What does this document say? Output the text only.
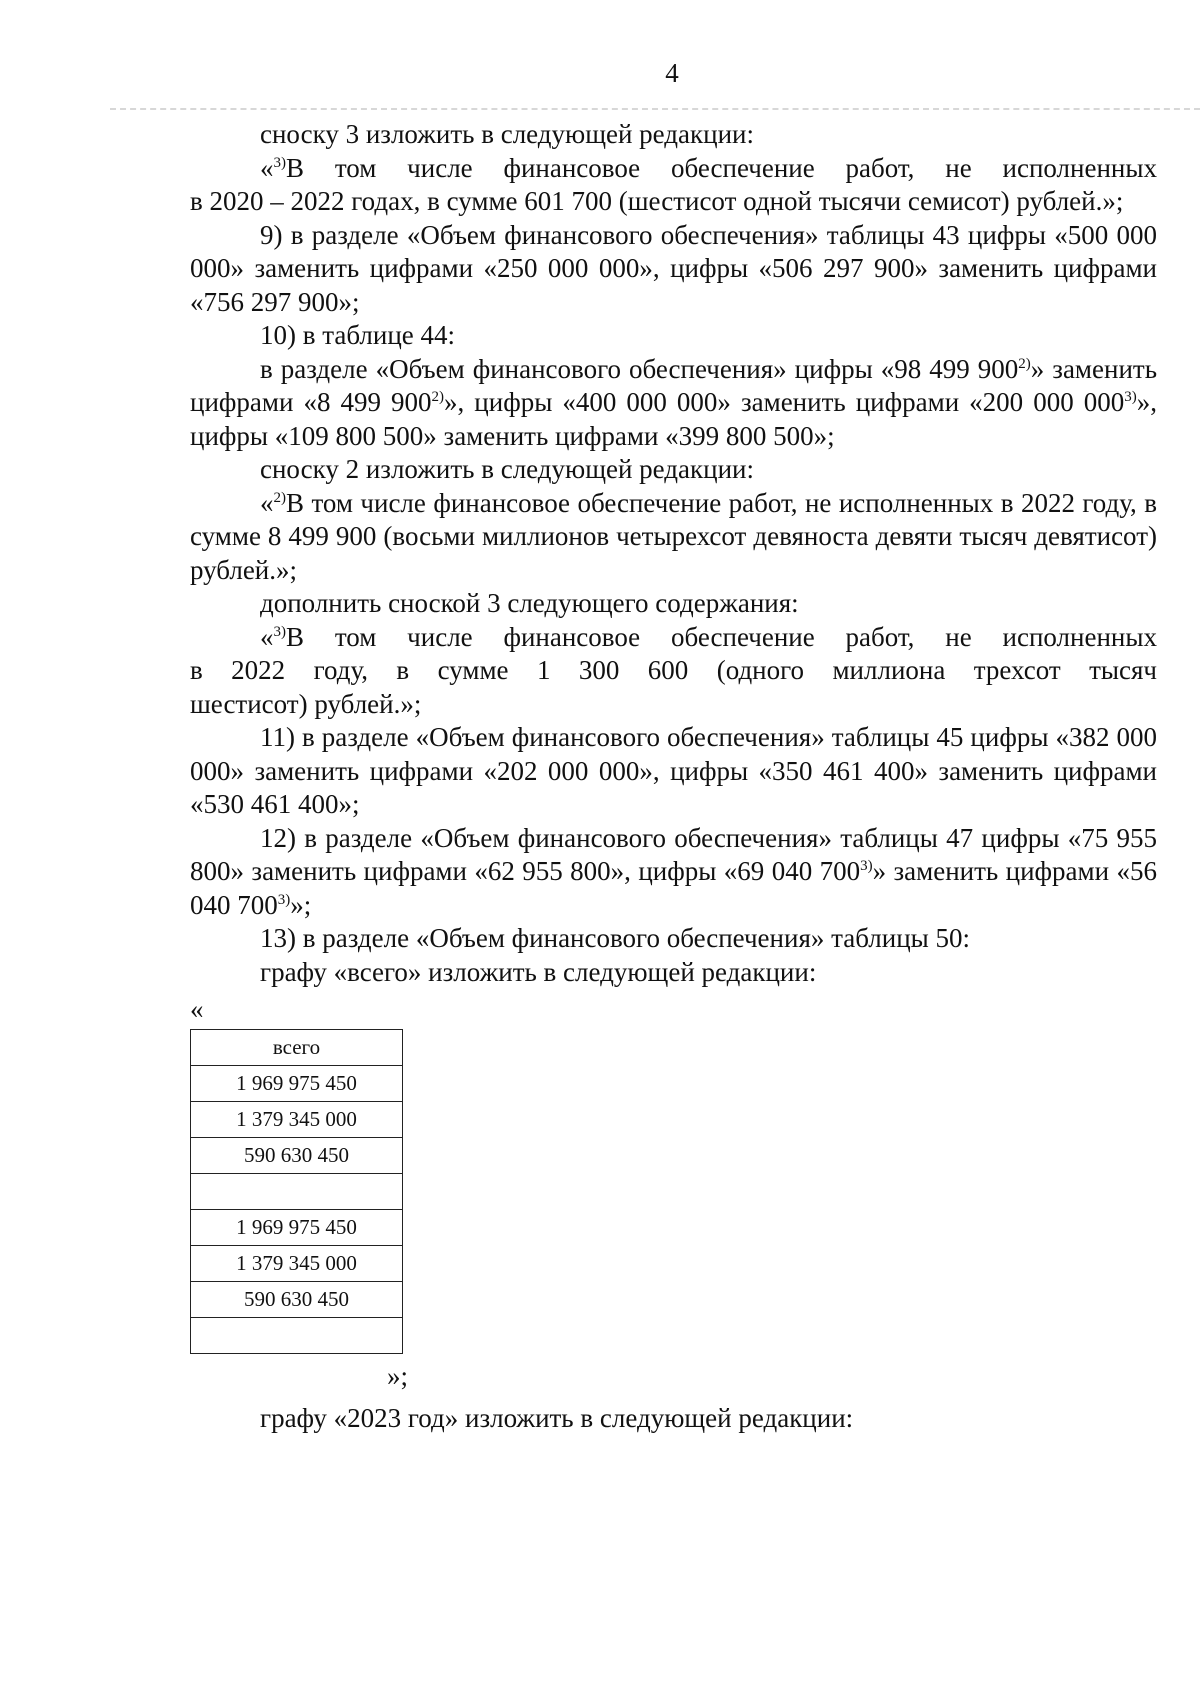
4

сноску 3 изложить в следующей редакции:

«$^{3)}$В том числе финансовое обеспечение работ, не исполненных
в 2020 – 2022 годах, в сумме 601 700 (шестисот одной тысячи семисот) рублей.»;

9) в разделе «Объем финансового обеспечения» таблицы 43 цифры «500 000 000» заменить цифрами «250 000 000», цифры «506 297 900» заменить цифрами «756 297 900»;

10) в таблице 44:

в разделе «Объем финансового обеспечения» цифры «98 499 900$^{2)}$» заменить цифрами «8 499 900$^{2)}$», цифры «400 000 000» заменить цифрами «200 000 000$^{3)}$», цифры «109 800 500» заменить цифрами «399 800 500»;

сноску 2 изложить в следующей редакции:

«$^{2)}$В том числе финансовое обеспечение работ, не исполненных в 2022 году, в сумме 8 499 900 (восьми миллионов четырехсот девяноста девяти тысяч девятисот) рублей.»;

дополнить сноской 3 следующего содержания:

«$^{3)}$В том числе финансовое обеспечение работ, не исполненных
в 2022 году, в сумме 1 300 600 (одного миллиона трехсот тысяч
шестисот) рублей.»;

11) в разделе «Объем финансового обеспечения» таблицы 45 цифры «382 000 000» заменить цифрами «202 000 000», цифры «350 461 400» заменить цифрами «530 461 400»;

12) в разделе «Объем финансового обеспечения» таблицы 47 цифры «75 955 800» заменить цифрами «62 955 800», цифры «69 040 700$^{3)}$» заменить цифрами «56 040 700$^{3)}$»;

13) в разделе «Объем финансового обеспечения» таблицы 50:

графу «всего» изложить в следующей редакции:

«

всего
1 969 975 450
1 379 345 000
590 630 450

1 969 975 450
1 379 345 000
590 630 450

»;

графу «2023 год» изложить в следующей редакции:
